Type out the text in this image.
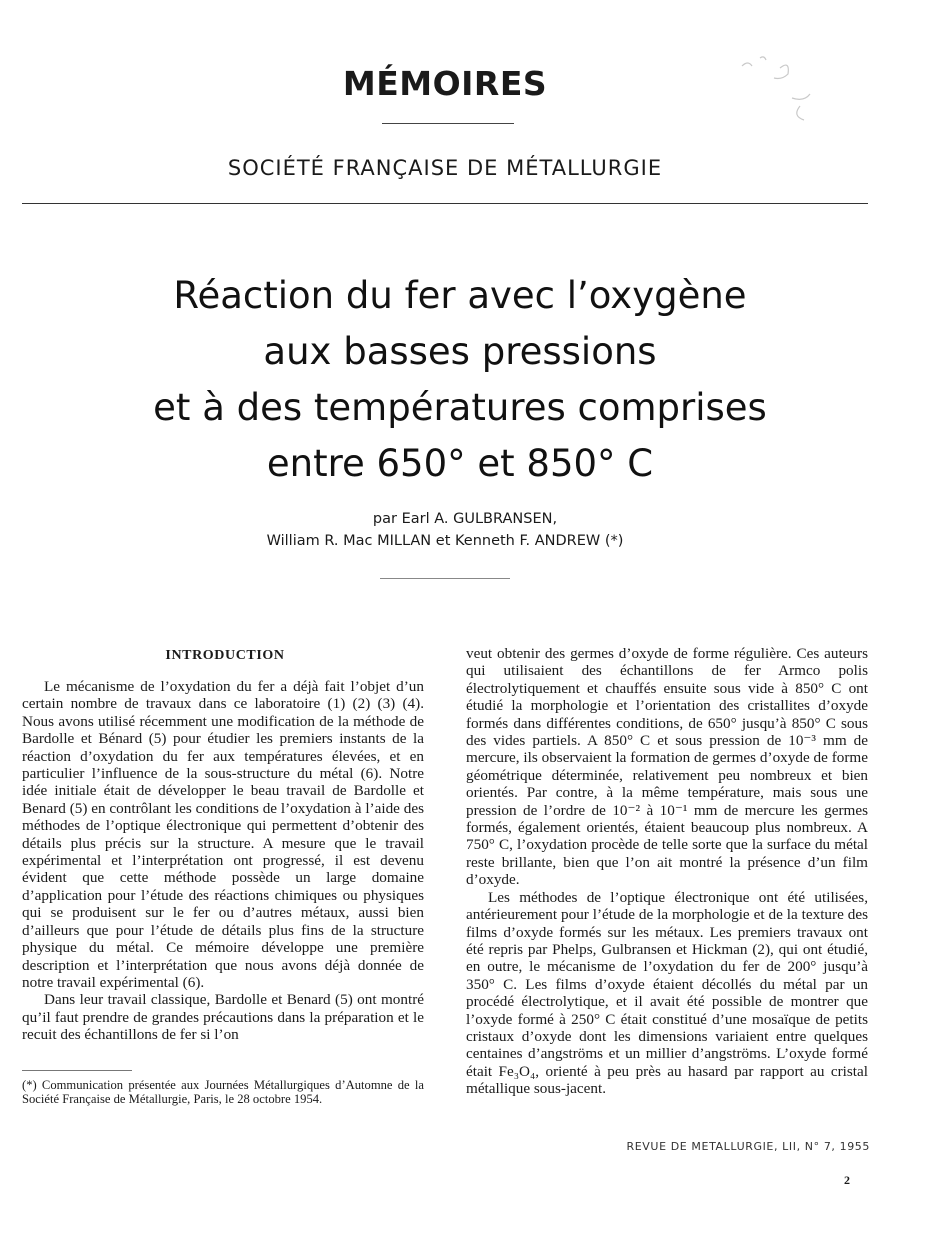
MÉMOIRES
SOCIÉTÉ FRANÇAISE DE MÉTALLURGIE
Réaction du fer avec l’oxygène
aux basses pressions
et à des températures comprises
entre 650° et 850° C
par Earl A. GULBRANSEN,
William R. Mac MILLAN et Kenneth F. ANDREW (*)
INTRODUCTION

Le mécanisme de l’oxydation du fer a déjà fait l’objet d’un certain nombre de travaux dans ce laboratoire (1) (2) (3) (4). Nous avons utilisé récemment une modification de la méthode de Bardolle et Bénard (5) pour étudier les premiers instants de la réaction d’oxydation du fer aux températures élevées, et en particulier l’influence de la sous-structure du métal (6). Notre idée initiale était de développer le beau travail de Bardolle et Benard (5) en contrôlant les conditions de l’oxydation à l’aide des méthodes de l’optique électronique qui permettent d’obtenir des détails plus précis sur la structure. A mesure que le travail expérimental et l’interprétation ont progressé, il est devenu évident que cette méthode possède un large domaine d’application pour l’étude des réactions chimiques ou physiques qui se produisent sur le fer ou d’autres métaux, aussi bien d’ailleurs que pour l’étude de détails plus fins de la structure physique du métal. Ce mémoire développe une première description et l’interprétation que nous avons déjà donnée de notre travail expérimental (6).

Dans leur travail classique, Bardolle et Benard (5) ont montré qu’il faut prendre de grandes précautions dans la préparation et le recuit des échantillons de fer si l’on

(*) Communication présentée aux Journées Métallurgiques d’Automne de la Société Française de Métallurgie, Paris, le 28 octobre 1954.

veut obtenir des germes d’oxyde de forme régulière. Ces auteurs qui utilisaient des échantillons de fer Armco polis électrolytiquement et chauffés ensuite sous vide à 850° C ont étudié la morphologie et l’orientation des cristallites d’oxyde formés dans différentes conditions, de 650° jusqu’à 850° C sous des vides partiels. A 850° C et sous pression de 10⁻³ mm de mercure, ils observaient la formation de germes d’oxyde de forme géométrique déterminée, relativement peu nombreux et bien orientés. Par contre, à la même température, mais sous une pression de l’ordre de 10⁻² à 10⁻¹ mm de mercure les germes formés, également orientés, étaient beaucoup plus nombreux. A 750° C, l’oxydation procède de telle sorte que la surface du métal reste brillante, bien que l’on ait montré la présence d’un film d’oxyde.

Les méthodes de l’optique électronique ont été utilisées, antérieurement pour l’étude de la morphologie et de la texture des films d’oxyde formés sur les métaux. Les premiers travaux ont été repris par Phelps, Gulbransen et Hickman (2), qui ont étudié, en outre, le mécanisme de l’oxydation du fer de 200° jusqu’à 350° C. Les films d’oxyde étaient décollés du métal par un procédé électrolytique, et il avait été possible de montrer que l’oxyde formé à 250° C était constitué d’une mosaïque de petits cristaux d’oxyde dont les dimensions variaient entre quelques centaines d’angströms et un millier d’angströms. L’oxyde formé était Fe₃O₄, orienté à peu près au hasard par rapport au cristal métallique sous-jacent.

REVUE DE METALLURGIE, LII, N° 7, 1955
2
